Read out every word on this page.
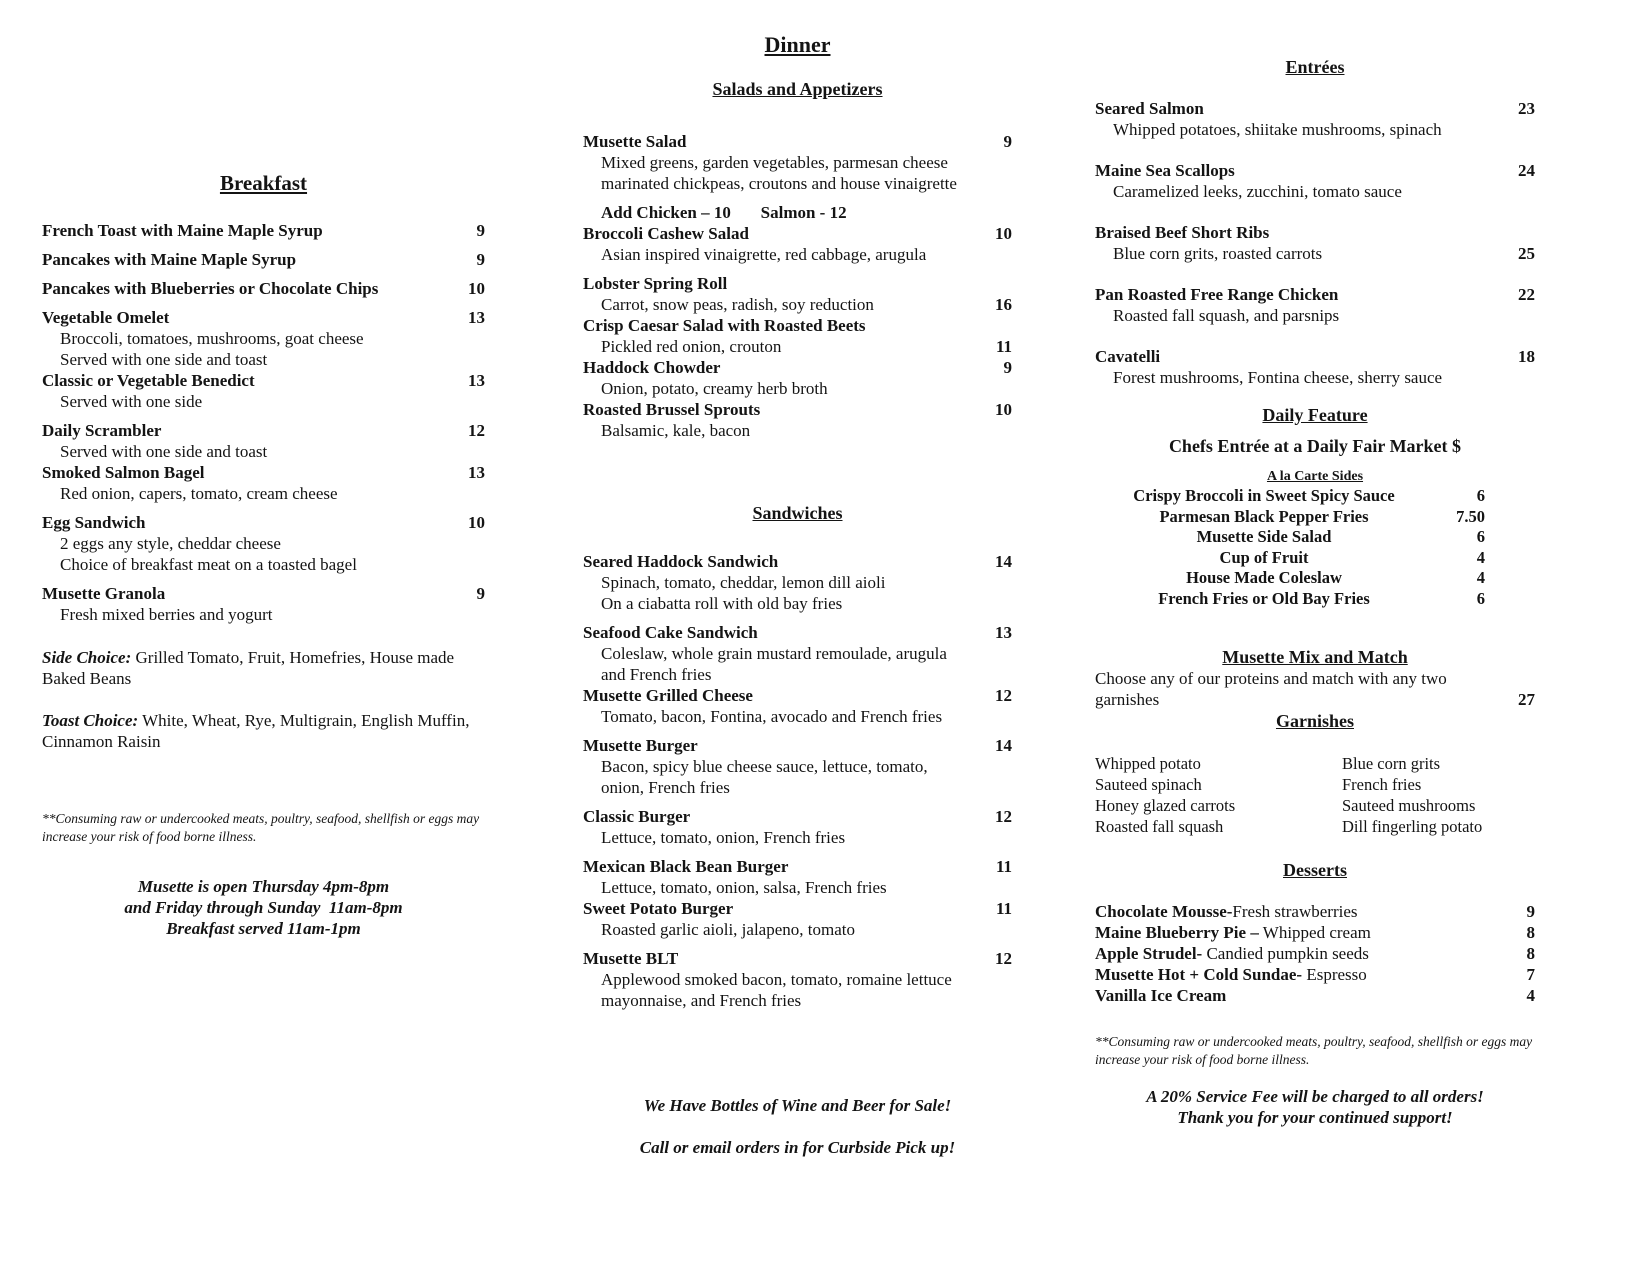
Breakfast
French Toast with Maine Maple Syrup	9
Pancakes with Maine Maple Syrup	9
Pancakes with Blueberries or Chocolate Chips	10
Vegetable Omelet	13
Broccoli, tomatoes, mushrooms, goat cheese
Served with one side and toast
Classic or Vegetable Benedict	13
Served with one side
Daily Scrambler	12
Served with one side and toast
Smoked Salmon Bagel	13
Red onion, capers, tomato, cream cheese
Egg Sandwich	10
2 eggs any style, cheddar cheese
Choice of breakfast meat on a toasted bagel
Musette Granola	9
Fresh mixed berries and yogurt
Side Choice: Grilled Tomato, Fruit, Homefries, House made Baked Beans
Toast Choice: White, Wheat, Rye, Multigrain, English Muffin, Cinnamon Raisin
**Consuming raw or undercooked meats, poultry, seafood, shellfish or eggs may increase your risk of food borne illness.
Musette is open Thursday 4pm-8pm
and Friday through Sunday  11am-8pm
Breakfast served 11am-1pm
Dinner
Salads and Appetizers
Musette Salad	9
Mixed greens, garden vegetables, parmesan cheese
marinated chickpeas, croutons and house vinaigrette
Add Chicken – 10       Salmon - 12
Broccoli Cashew Salad	10
Asian inspired vinaigrette, red cabbage, arugula
Lobster Spring Roll
Carrot, snow peas, radish, soy reduction	16
Crisp Caesar Salad with Roasted Beets
Pickled red onion, crouton	11
Haddock Chowder	9
Onion, potato, creamy herb broth
Roasted Brussel Sprouts	10
Balsamic, kale, bacon
Sandwiches
Seared Haddock Sandwich	14
Spinach, tomato, cheddar, lemon dill aioli
On a ciabatta roll with old bay fries
Seafood Cake Sandwich	13
Coleslaw, whole grain mustard remoulade, arugula
and French fries
Musette Grilled Cheese	12
Tomato, bacon, Fontina, avocado and French fries
Musette Burger	14
Bacon, spicy blue cheese sauce, lettuce, tomato,
onion, French fries
Classic Burger	12
Lettuce, tomato, onion, French fries
Mexican Black Bean Burger	11
Lettuce, tomato, onion, salsa, French fries
Sweet Potato Burger	11
Roasted garlic aioli, jalapeno, tomato
Musette BLT	12
Applewood smoked bacon, tomato, romaine lettuce
mayonnaise, and French fries
We Have Bottles of Wine and Beer for Sale!
Call or email orders in for Curbside Pick up!
Entrées
Seared Salmon	23
Whipped potatoes, shiitake mushrooms, spinach
Maine Sea Scallops	24
Caramelized leeks, zucchini, tomato sauce
Braised Beef Short Ribs
Blue corn grits, roasted carrots	25
Pan Roasted Free Range Chicken	22
Roasted fall squash, and parsnips
Cavatelli	18
Forest mushrooms, Fontina cheese, sherry sauce
Daily Feature
Chefs Entrée at a Daily Fair Market $
A la Carte Sides
Crispy Broccoli in Sweet Spicy Sauce	6
Parmesan Black Pepper Fries	7.50
Musette Side Salad	6
Cup of Fruit	4
House Made Coleslaw	4
French Fries or Old Bay Fries	6
Musette Mix and Match
Choose any of our proteins and match with any two
garnishes	27
Garnishes
Whipped potato	Blue corn grits
Sauteed spinach	French fries
Honey glazed carrots	Sauteed mushrooms
Roasted fall squash	Dill fingerling potato
Desserts
Chocolate Mousse-Fresh strawberries	9
Maine Blueberry Pie – Whipped cream	8
Apple Strudel- Candied pumpkin seeds	8
Musette Hot + Cold Sundae- Espresso	7
Vanilla Ice Cream	4
**Consuming raw or undercooked meats, poultry, seafood, shellfish or eggs may increase your risk of food borne illness.
A 20% Service Fee will be charged to all orders!
Thank you for your continued support!
